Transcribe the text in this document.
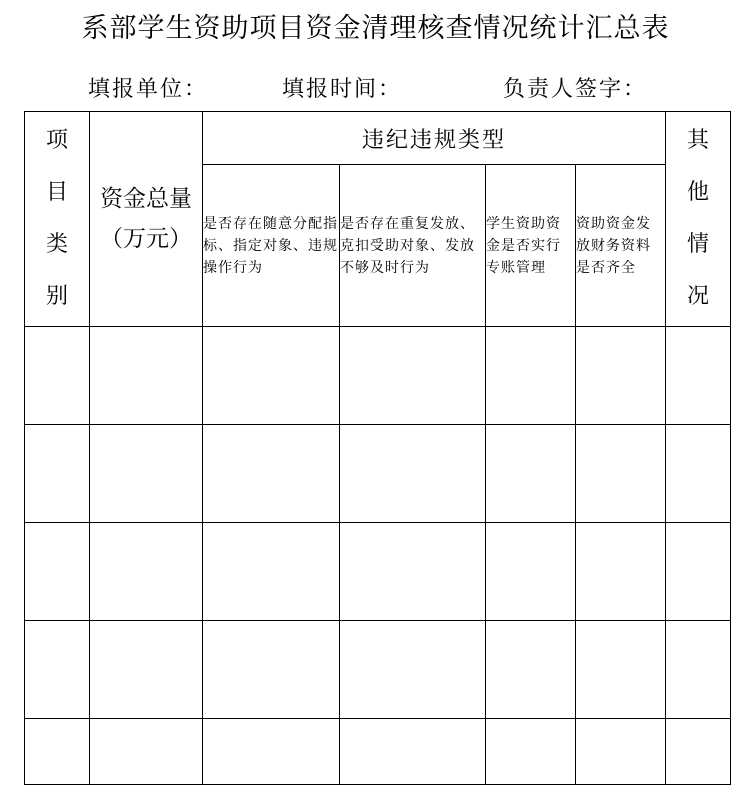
系部学生资助项目资金清理核查情况统计汇总表
填报单位：	填报时间：	负责人签字：
项目类别	资金总量（万元）	违纪违规类型				其他情况

		是否存在随意分配指标、指定对象、违规操作行为	是否存在重复发放、克扣受助对象、发放不够及时行为	学生资助资金是否实行专账管理	资助资金发放财务资料是否齐全	
